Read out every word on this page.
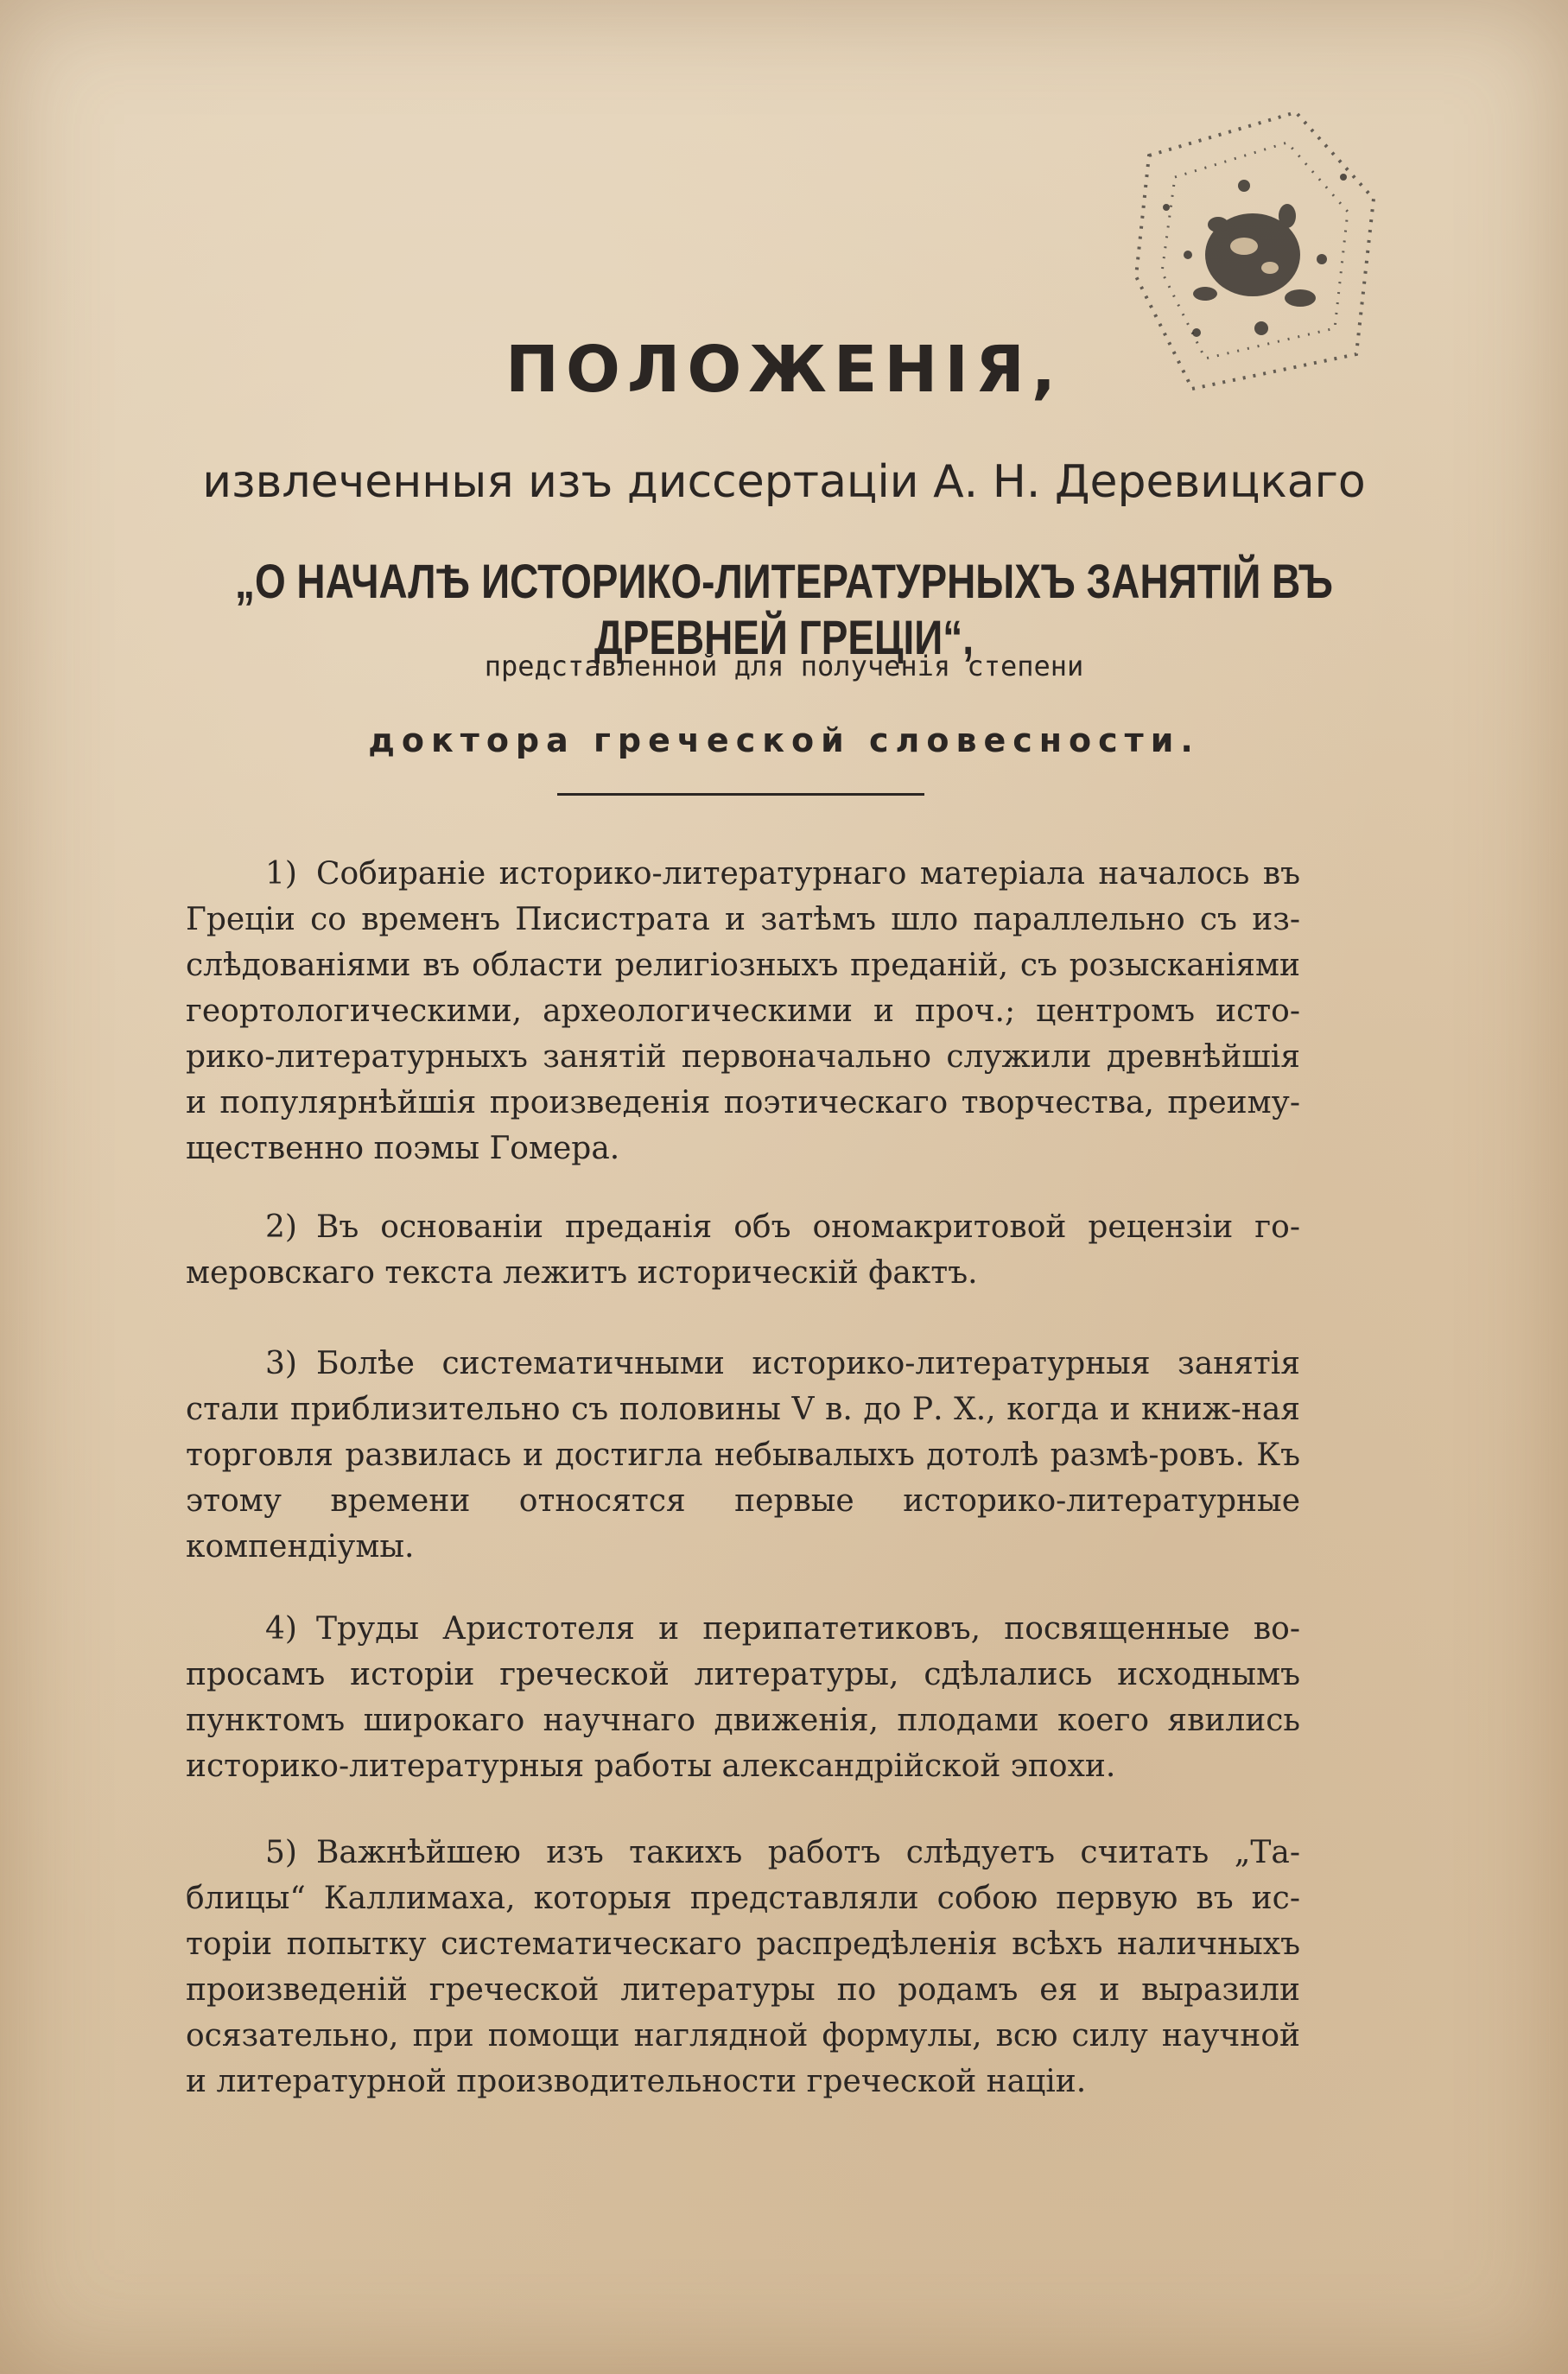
ПОЛОЖЕНІЯ,
извлеченныя изъ диссертаціи А. Н. Деревицкаго
„О НАЧАЛѢ ИСТОРИКО-ЛИТЕРАТУРНЫХЪ ЗАНЯТІЙ ВЪ ДРЕВНЕЙ ГРЕЦІИ“,
представленной для полученія степени
доктора греческой словесности.

1) Собираніе историко-литературнаго матеріала началось въ Греціи со временъ Писистрата и затѣмъ шло параллельно съ из-слѣдованіями въ области религіозныхъ преданій, съ розысканіями геортологическими, археологическими и проч.; центромъ исто-рико-литературныхъ занятій первоначально служили древнѣйшія и популярнѣйшія произведенія поэтическаго творчества, преиму-щественно поэмы Гомера.

2) Въ основаніи преданія объ ономакритовой рецензіи го-меровскаго текста лежитъ историческій фактъ.

3) Болѣе систематичными историко-литературныя занятія стали приблизительно съ половины V в. до Р. Х., когда и книж-ная торговля развилась и достигла небывалыхъ дотолѣ размѣ-ровъ. Къ этому времени относятся первые историко-литературные компендіумы.

4) Труды Аристотеля и перипатетиковъ, посвященные во-просамъ исторіи греческой литературы, сдѣлались исходнымъ пунктомъ широкаго научнаго движенія, плодами коего явились историко-литературныя работы александрійской эпохи.

5) Важнѣйшею изъ такихъ работъ слѣдуетъ считать „Та-блицы“ Каллимаха, которыя представляли собою первую въ ис-торіи попытку систематическаго распредѣленія всѣхъ наличныхъ произведеній греческой литературы по родамъ ея и выразили осязательно, при помощи наглядной формулы, всю силу научной и литературной производительности греческой націи.
